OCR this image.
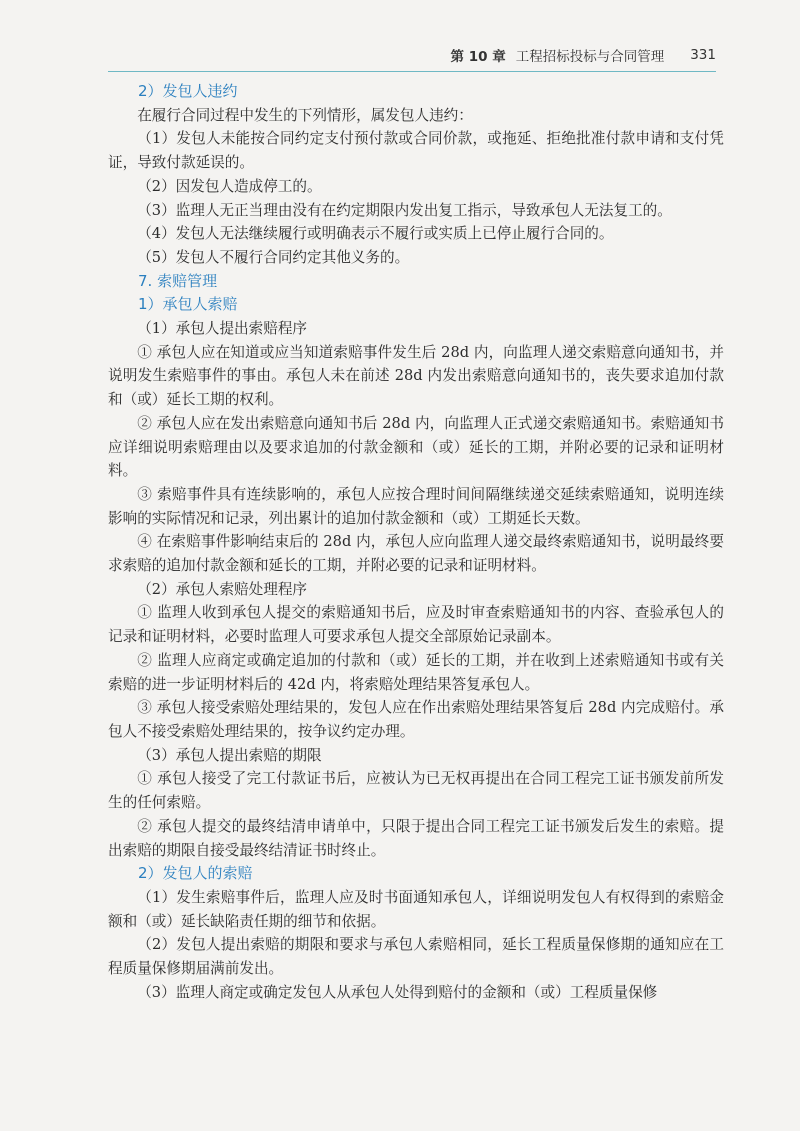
第 10 章 工程招标投标与合同管理 331

2）发包人违约

在履行合同过程中发生的下列情形，属发包人违约：

（1）发包人未能按合同约定支付预付款或合同价款，或拖延、拒绝批准付款申请和支付凭证，导致付款延误的。

（2）因发包人造成停工的。

（3）监理人无正当理由没有在约定期限内发出复工指示，导致承包人无法复工的。

（4）发包人无法继续履行或明确表示不履行或实质上已停止履行合同的。

（5）发包人不履行合同约定其他义务的。

7. 索赔管理

1）承包人索赔

（1）承包人提出索赔程序

① 承包人应在知道或应当知道索赔事件发生后 28d 内，向监理人递交索赔意向通知书，并说明发生索赔事件的事由。承包人未在前述 28d 内发出索赔意向通知书的，丧失要求追加付款和（或）延长工期的权利。

② 承包人应在发出索赔意向通知书后 28d 内，向监理人正式递交索赔通知书。索赔通知书应详细说明索赔理由以及要求追加的付款金额和（或）延长的工期，并附必要的记录和证明材料。

③ 索赔事件具有连续影响的，承包人应按合理时间间隔继续递交延续索赔通知，说明连续影响的实际情况和记录，列出累计的追加付款金额和（或）工期延长天数。

④ 在索赔事件影响结束后的 28d 内，承包人应向监理人递交最终索赔通知书，说明最终要求索赔的追加付款金额和延长的工期，并附必要的记录和证明材料。

（2）承包人索赔处理程序

① 监理人收到承包人提交的索赔通知书后，应及时审查索赔通知书的内容、查验承包人的记录和证明材料，必要时监理人可要求承包人提交全部原始记录副本。

② 监理人应商定或确定追加的付款和（或）延长的工期，并在收到上述索赔通知书或有关索赔的进一步证明材料后的 42d 内，将索赔处理结果答复承包人。

③ 承包人接受索赔处理结果的，发包人应在作出索赔处理结果答复后 28d 内完成赔付。承包人不接受索赔处理结果的，按争议约定办理。

（3）承包人提出索赔的期限

① 承包人接受了完工付款证书后，应被认为已无权再提出在合同工程完工证书颁发前所发生的任何索赔。

② 承包人提交的最终结清申请单中，只限于提出合同工程完工证书颁发后发生的索赔。提出索赔的期限自接受最终结清证书时终止。

2）发包人的索赔

（1）发生索赔事件后，监理人应及时书面通知承包人，详细说明发包人有权得到的索赔金额和（或）延长缺陷责任期的细节和依据。

（2）发包人提出索赔的期限和要求与承包人索赔相同，延长工程质量保修期的通知应在工程质量保修期届满前发出。

（3）监理人商定或确定发包人从承包人处得到赔付的金额和（或）工程质量保修
